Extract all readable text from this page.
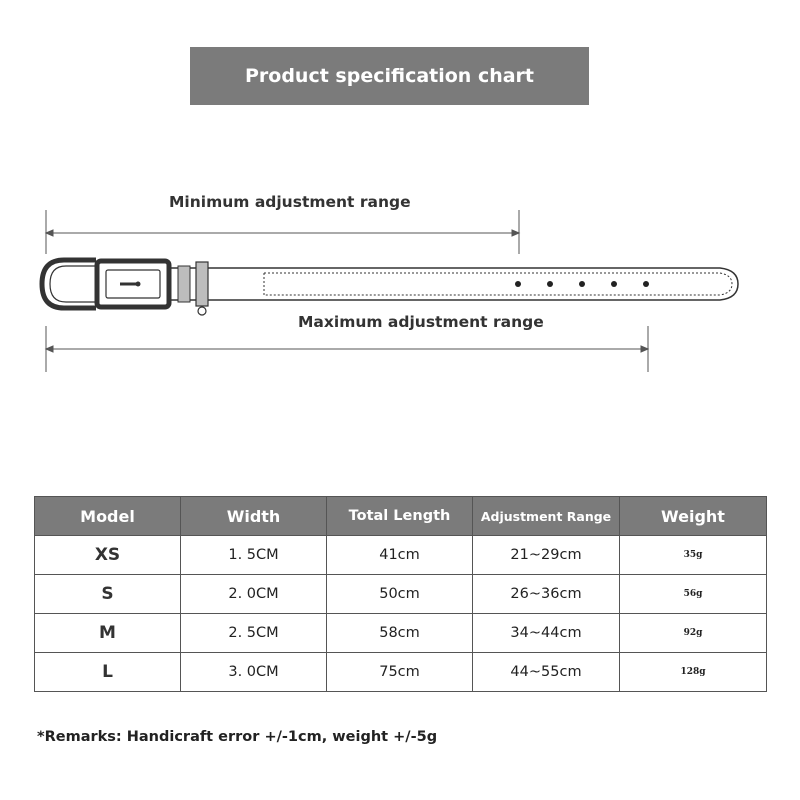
Product specification chart
Minimum adjustment range
Maximum adjustment range
Model	Width	Total Length	Adjustment Range	Weight
XS	1. 5CM	41cm	21~29cm	35g
S	2. 0CM	50cm	26~36cm	56g
M	2. 5CM	58cm	34~44cm	92g
L	3. 0CM	75cm	44~55cm	128g
*Remarks: Handicraft error +/-1cm, weight +/-5g
